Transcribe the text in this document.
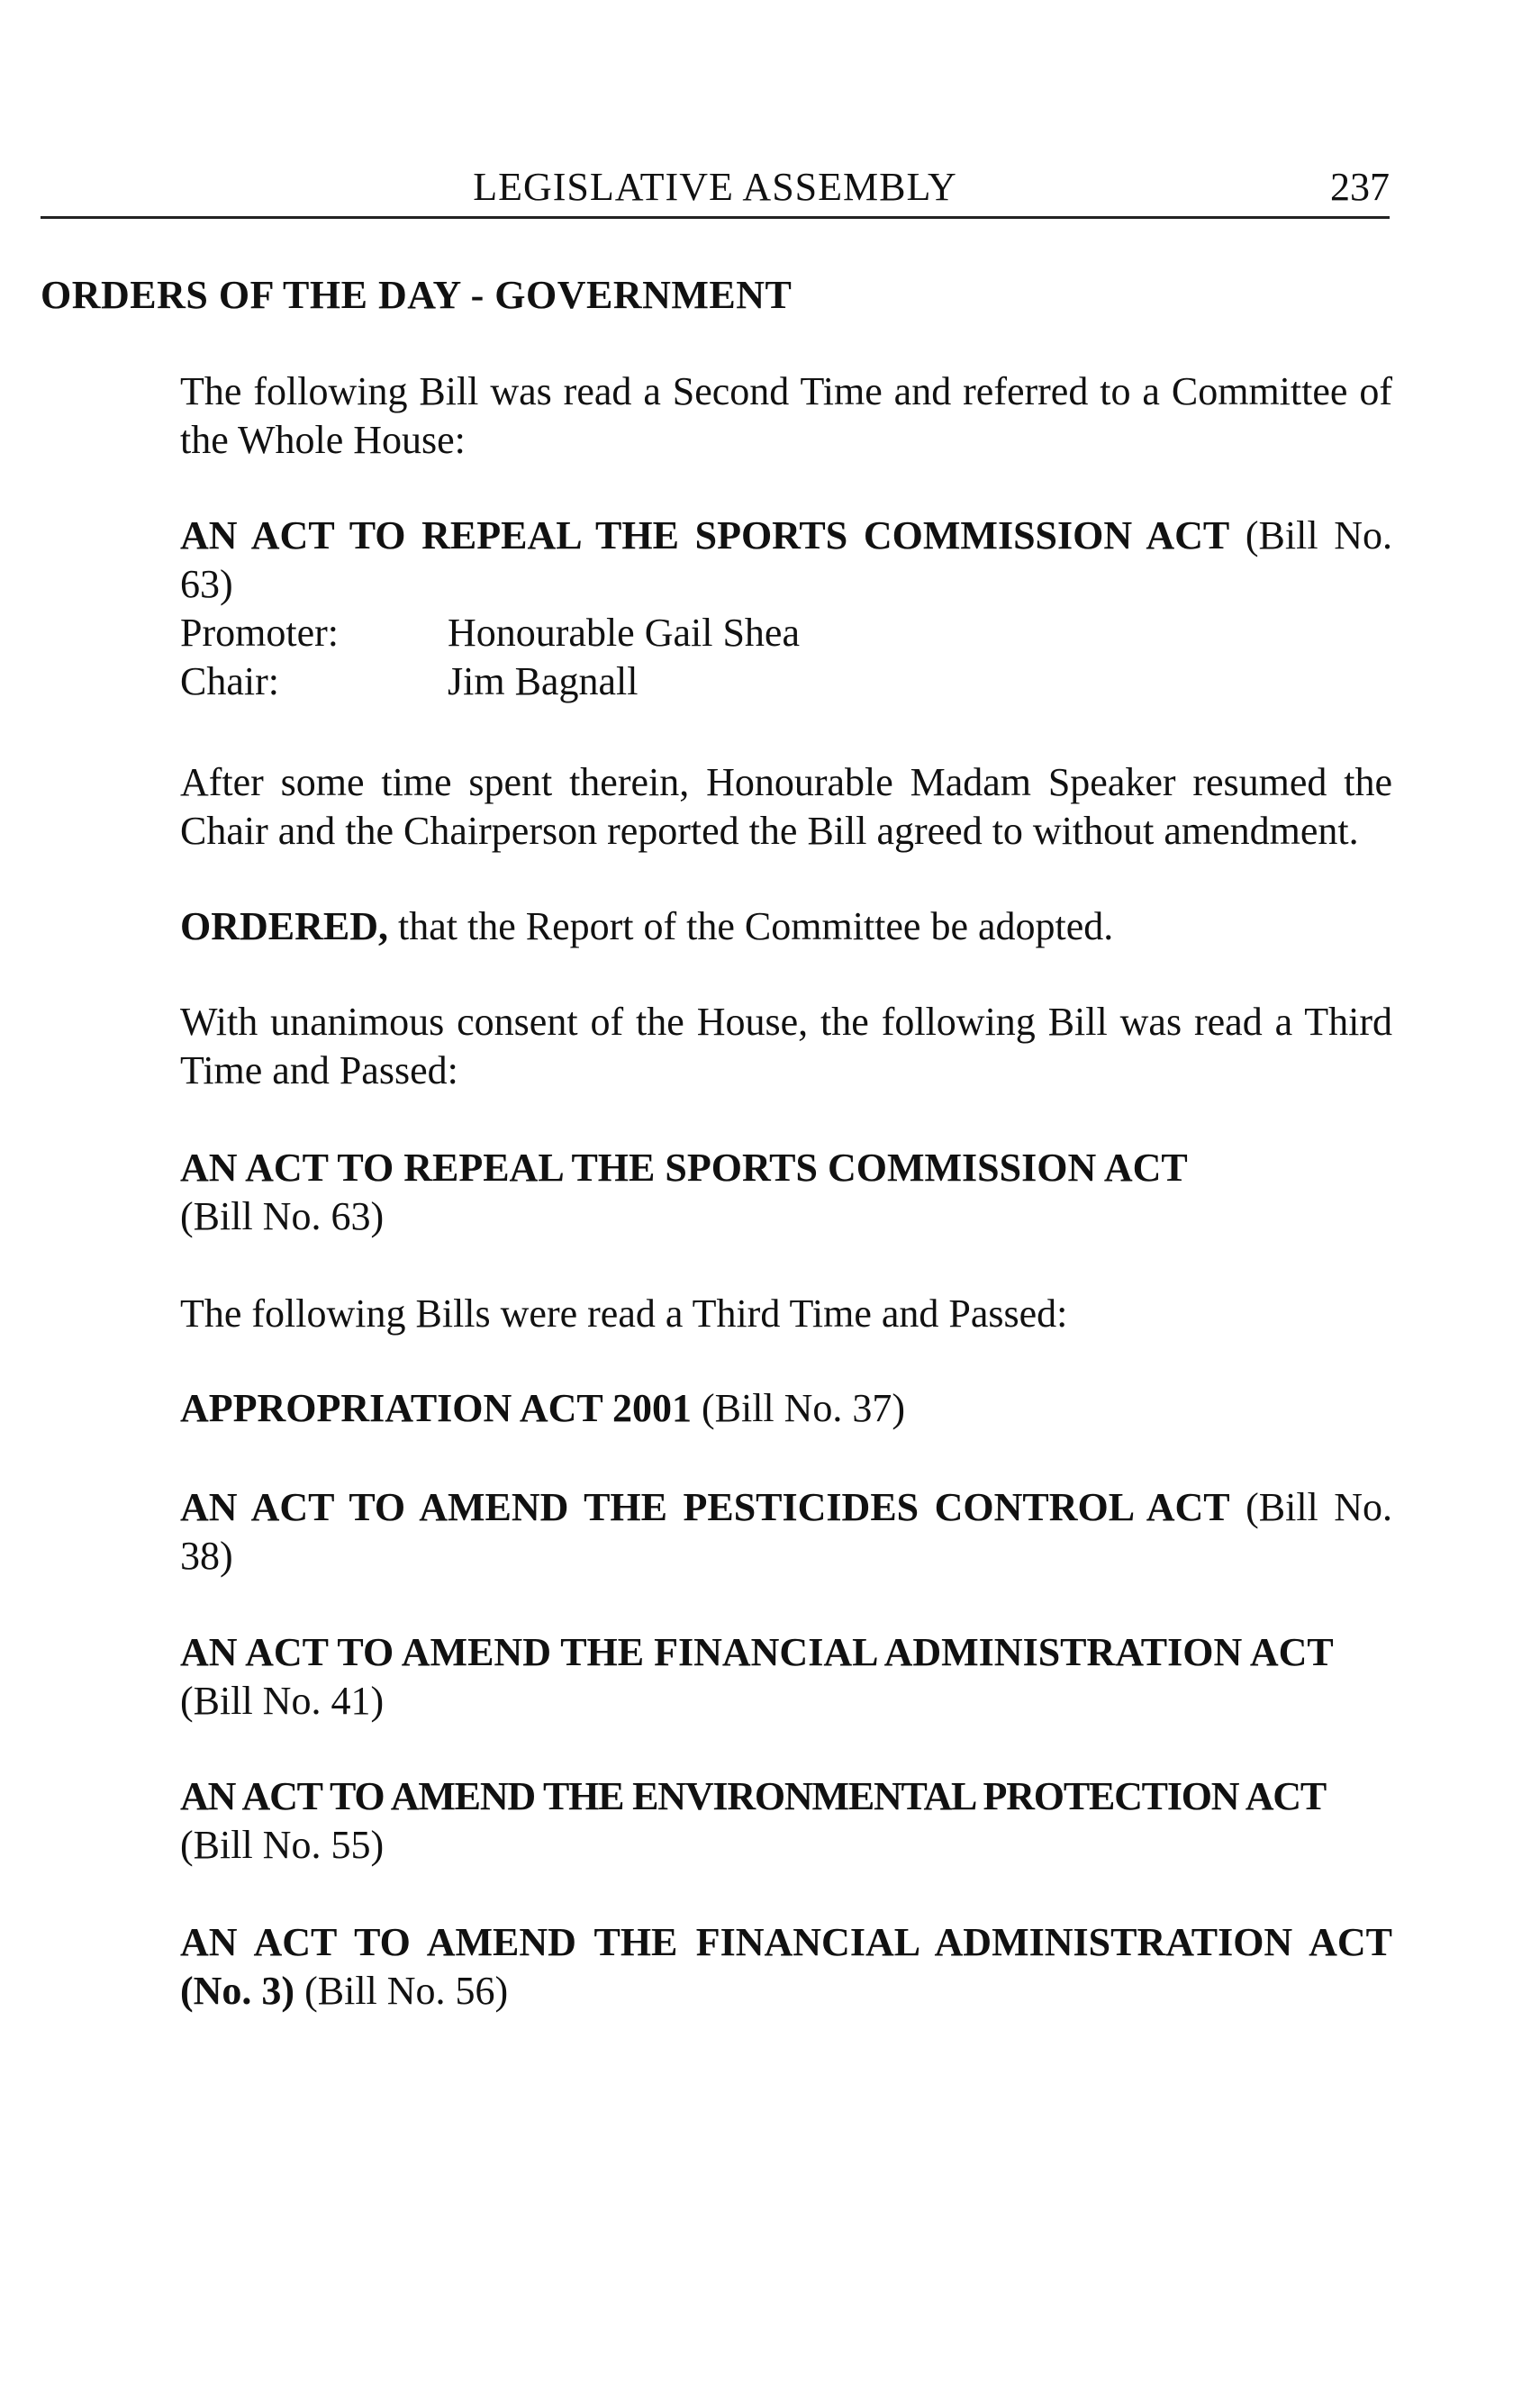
LEGISLATIVE ASSEMBLY	237
ORDERS OF THE DAY - GOVERNMENT
The following Bill was read a Second Time and referred to a Committee of the Whole House:
AN ACT TO REPEAL THE SPORTS COMMISSION ACT (Bill No.
63)
Promoter:	Honourable Gail Shea
Chair:	Jim Bagnall
After some time spent therein, Honourable Madam Speaker resumed the Chair and the Chairperson reported the Bill agreed to without amendment.
ORDERED, that the Report of the Committee be adopted.
With unanimous consent of the House, the following Bill was read a Third Time and Passed:
AN ACT TO REPEAL THE SPORTS COMMISSION ACT
(Bill No. 63)
The following Bills were read a Third Time and Passed:
APPROPRIATION ACT 2001 (Bill No. 37)
AN ACT TO AMEND THE PESTICIDES CONTROL ACT (Bill No.
38)
AN ACT TO AMEND THE FINANCIAL ADMINISTRATION ACT
(Bill No. 41)
AN ACT TO AMEND THE ENVIRONMENTAL PROTECTION ACT
(Bill No. 55)
AN ACT TO AMEND THE FINANCIAL ADMINISTRATION ACT (No. 3) (Bill No. 56)
